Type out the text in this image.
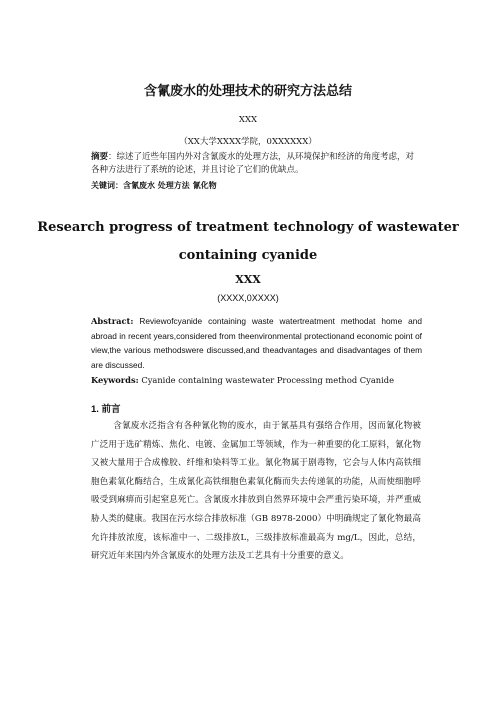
含氰废水的处理技术的研究方法总结
XXX
（XX大学XXXX学院，0XXXXXX）
摘要：综述了近些年国内外对含氰废水的处理方法，从环境保护和经济的角度考虑，对各种方法进行了系统的论述，并且讨论了它们的优缺点。
关键词：含氰废水 处理方法 氰化物
Research progress of treatment technology of wastewater
containing cyanide
XXX
(XXXX,0XXXX)
Abstract: Reviewofcyanide containing waste watertreatment methodat home and abroad in recent years,considered from theenvironmental protectionand economic point of view,the various methodswere discussed,and theadvantages and disadvantages of them are discussed.
Keywords: Cyanide containing wastewater Processing method Cyanide
1. 前言
含氰废水泛指含有各种氰化物的废水，由于氰基具有强络合作用，因而氰化物被广泛用于选矿精炼、焦化、电镀、金属加工等领域，作为一种重要的化工原料，氰化物又被大量用于合成橡胶、纤维和染料等工业。氰化物属于剧毒物，它会与人体内高铁细胞色素氧化酶结合，生成氰化高铁细胞色素氧化酶而失去传递氧的功能，从而使细胞呼吸受到麻痹而引起窒息死亡。含氰废水排放到自然界环境中会严重污染环境，并严重威胁人类的健康。我国在污水综合排放标准（GB 8978-2000）中明确规定了氰化物最高允许排放浓度，该标准中一、二级排放L，三级排放标准最高为 mg/L，因此，总结，研究近年来国内外含氰废水的处理方法及工艺具有十分重要的意义。
